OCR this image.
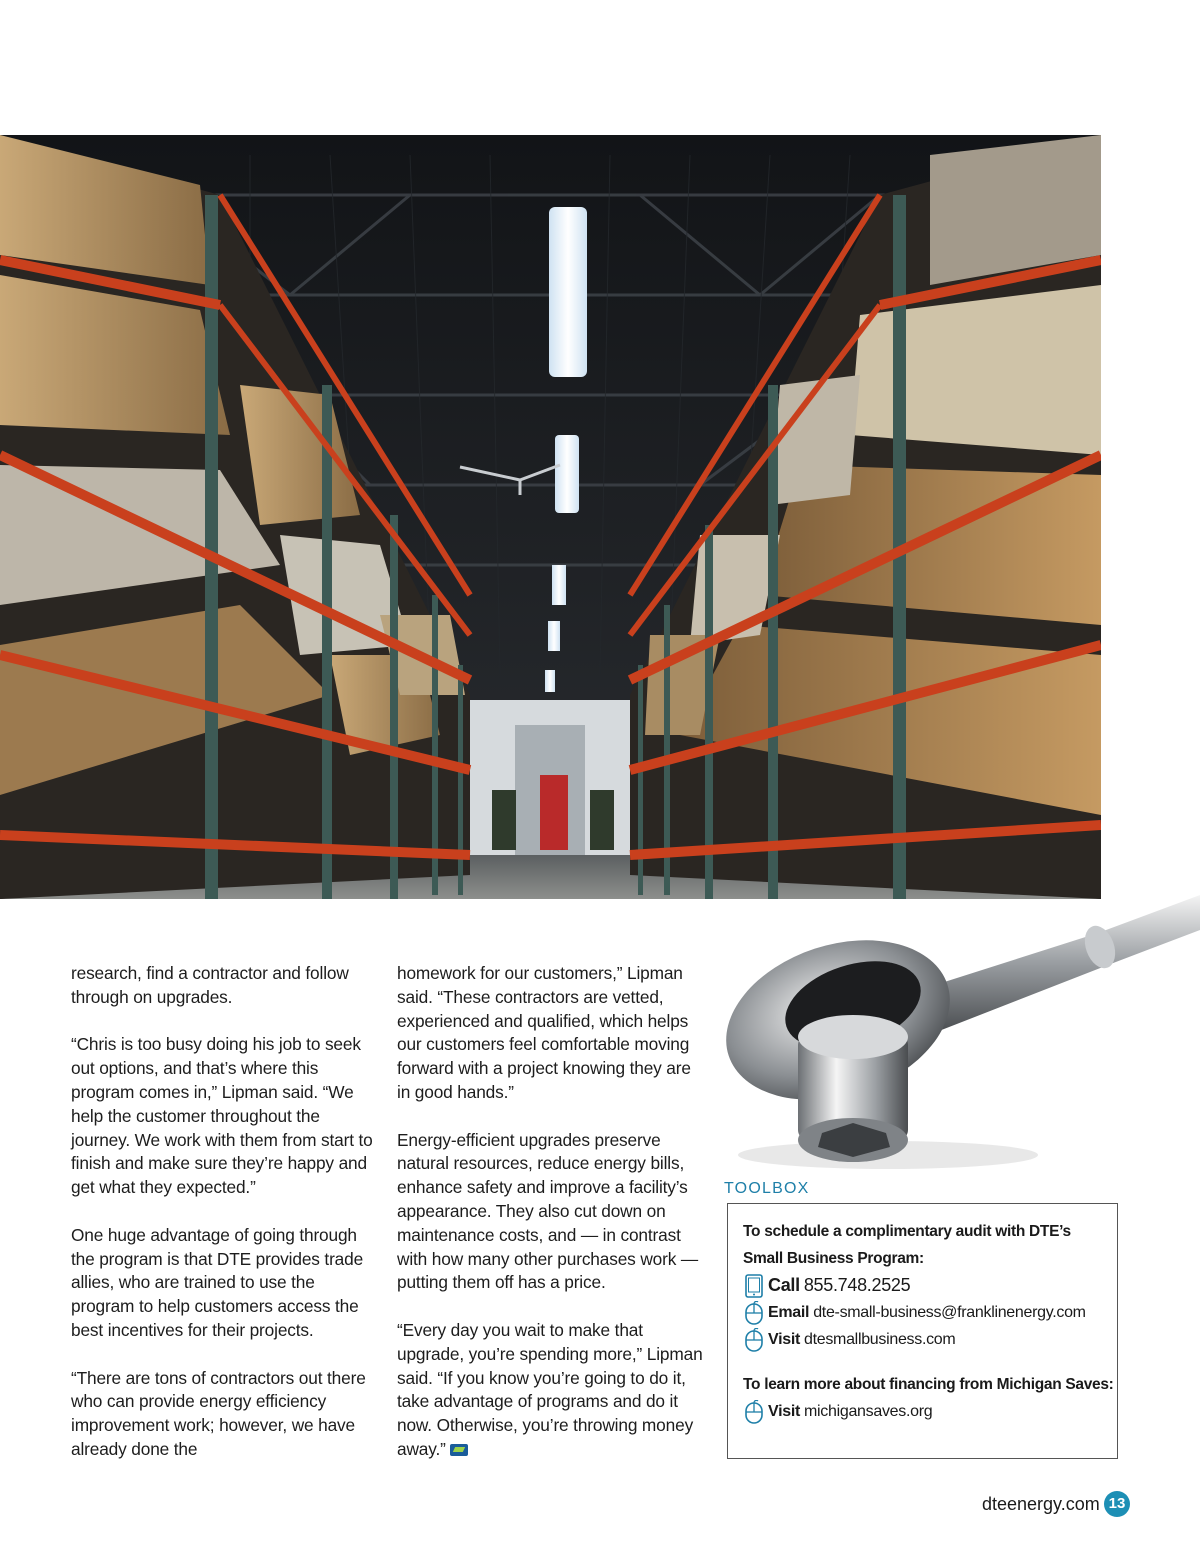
research, find a contractor and follow through on upgrades.

“Chris is too busy doing his job to seek out options, and that’s where this program comes in,” Lipman said. “We help the customer throughout the journey. We work with them from start to finish and make sure they’re happy and get what they expected.”

One huge advantage of going through the program is that DTE provides trade allies, who are trained to use the program to help customers access the best incentives for their projects.

“There are tons of contractors out there who can provide energy efficiency improvement work; however, we have already done the

homework for our customers,” Lipman said. “These contractors are vetted, experienced and qualified, which helps our customers feel comfortable moving forward with a project knowing they are in good hands.”

Energy-efficient upgrades preserve natural resources, reduce energy bills, enhance safety and improve a facility’s appearance. They also cut down on maintenance costs, and — in contrast with how many other purchases work — putting them off has a price.

“Every day you wait to make that upgrade, you’re spending more,” Lipman said. “If you know you’re going to do it, take advantage of programs and do it now. Otherwise, you’re throwing money away.”

TOOLBOX
To schedule a complimentary audit with DTE’s
Small Business Program:
Call 855.748.2525
Email dte-small-business@franklinenergy.com
Visit dtesmallbusiness.com
To learn more about financing from Michigan Saves:
Visit michigansaves.org
dteenergy.com 13
